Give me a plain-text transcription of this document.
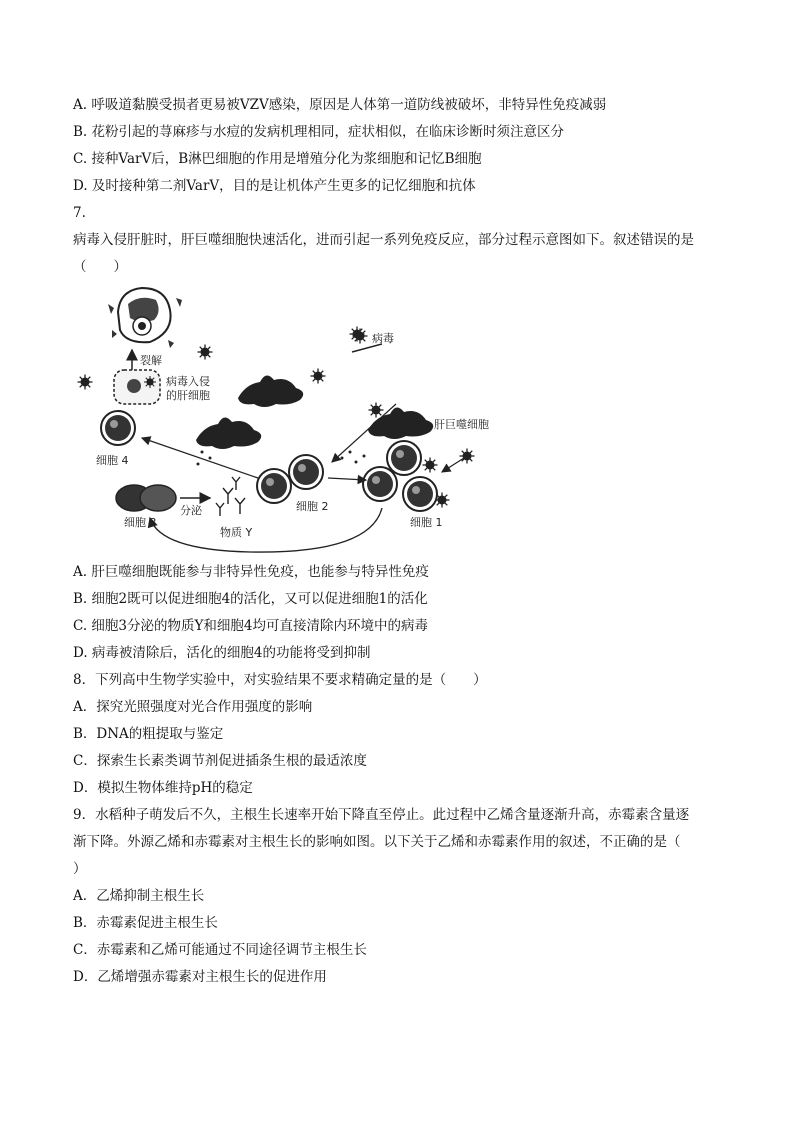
A. 呼吸道黏膜受损者更易被VZV感染，原因是人体第一道防线被破坏，非特异性免疫减弱
B. 花粉引起的荨麻疹与水痘的发病机理相同，症状相似，在临床诊断时须注意区分
C. 接种VarV后，B淋巴细胞的作用是增殖分化为浆细胞和记忆B细胞
D. 及时接种第二剂VarV，目的是让机体产生更多的记忆细胞和抗体
7.
病毒入侵肝脏时，肝巨噬细胞快速活化，进而引起一系列免疫反应，部分过程示意图如下。叙述错误的是
（　　）
裂解
病毒入侵
的肝细胞
病毒
肝巨噬细胞
细胞 4
细胞 2
细胞 1
细胞 3
分泌
物质 Y
A. 肝巨噬细胞既能参与非特异性免疫，也能参与特异性免疫
B. 细胞2既可以促进细胞4的活化，又可以促进细胞1的活化
C. 细胞3分泌的物质Y和细胞4均可直接清除内环境中的病毒
D. 病毒被清除后，活化的细胞4的功能将受到抑制
8．下列高中生物学实验中，对实验结果不要求精确定量的是（　　）
A．探究光照强度对光合作用强度的影响
B．DNA的粗提取与鉴定
C．探索生长素类调节剂促进插条生根的最适浓度
D．模拟生物体维持pH的稳定
9．水稻种子萌发后不久，主根生长速率开始下降直至停止。此过程中乙烯含量逐渐升高，赤霉素含量逐
渐下降。外源乙烯和赤霉素对主根生长的影响如图。以下关于乙烯和赤霉素作用的叙述，不正确的是（
）
A．乙烯抑制主根生长
B．赤霉素促进主根生长
C．赤霉素和乙烯可能通过不同途径调节主根生长
D．乙烯增强赤霉素对主根生长的促进作用
